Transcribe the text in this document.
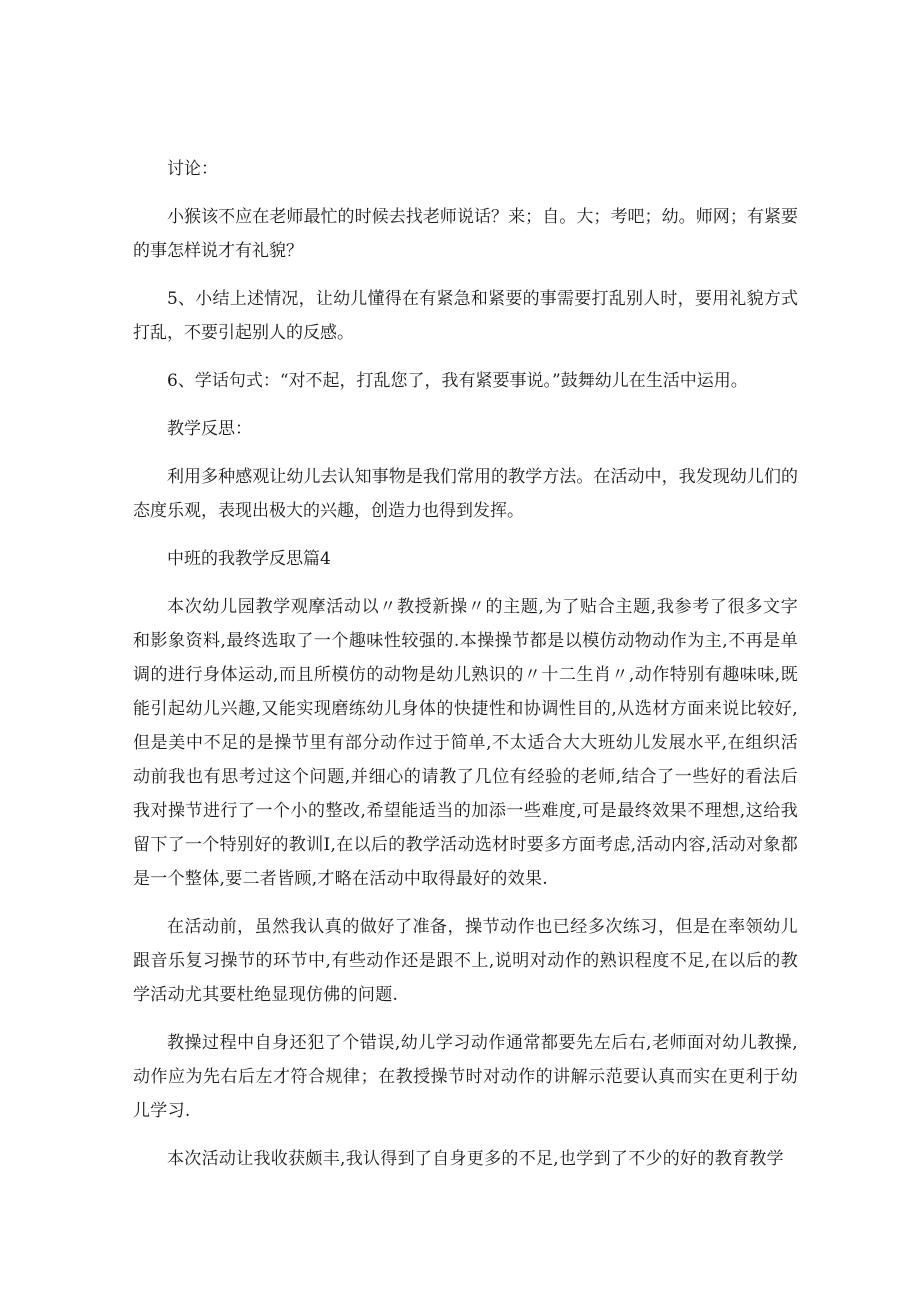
讨论：

小猴该不应在老师最忙的时候去找老师说话？来；自。大；考吧；幼。师网；有紧要的事怎样说才有礼貌？

5、小结上述情况，让幼儿懂得在有紧急和紧要的事需要打乱别人时，要用礼貌方式打乱，不要引起别人的反感。

6、学话句式：“对不起，打乱您了，我有紧要事说。”鼓舞幼儿在生活中运用。

教学反思：

利用多种感观让幼儿去认知事物是我们常用的教学方法。在活动中，我发现幼儿们的态度乐观，表现出极大的兴趣，创造力也得到发挥。

中班的我教学反思篇4

本次幼儿园教学观摩活动以〃教授新操〃的主题,为了贴合主题,我参考了很多文字和影象资料,最终选取了一个趣味性较强的.本操操节都是以模仿动物动作为主,不再是单调的进行身体运动,而且所模仿的动物是幼儿熟识的〃十二生肖〃,动作特别有趣味味,既能引起幼儿兴趣,又能实现磨练幼儿身体的快捷性和协调性目的,从选材方面来说比较好,但是美中不足的是操节里有部分动作过于简单,不太适合大大班幼儿发展水平,在组织活动前我也有思考过这个问题,并细心的请教了几位有经验的老师,结合了一些好的看法后我对操节进行了一个小的整改,希望能适当的加添一些难度,可是最终效果不理想,这给我留下了一个特别好的教训I,在以后的教学活动选材时要多方面考虑,活动内容,活动对象都是一个整体,要二者皆顾,才略在活动中取得最好的效果.

在活动前，虽然我认真的做好了准备，操节动作也已经多次练习，但是在率领幼儿跟音乐复习操节的环节中,有些动作还是跟不上,说明对动作的熟识程度不足,在以后的教学活动尤其要杜绝显现仿佛的问题.

教操过程中自身还犯了个错误,幼儿学习动作通常都要先左后右,老师面对幼儿教操,动作应为先右后左才符合规律；在教授操节时对动作的讲解示范要认真而实在更利于幼儿学习.

本次活动让我收获颇丰,我认得到了自身更多的不足,也学到了不少的好的教育教学
